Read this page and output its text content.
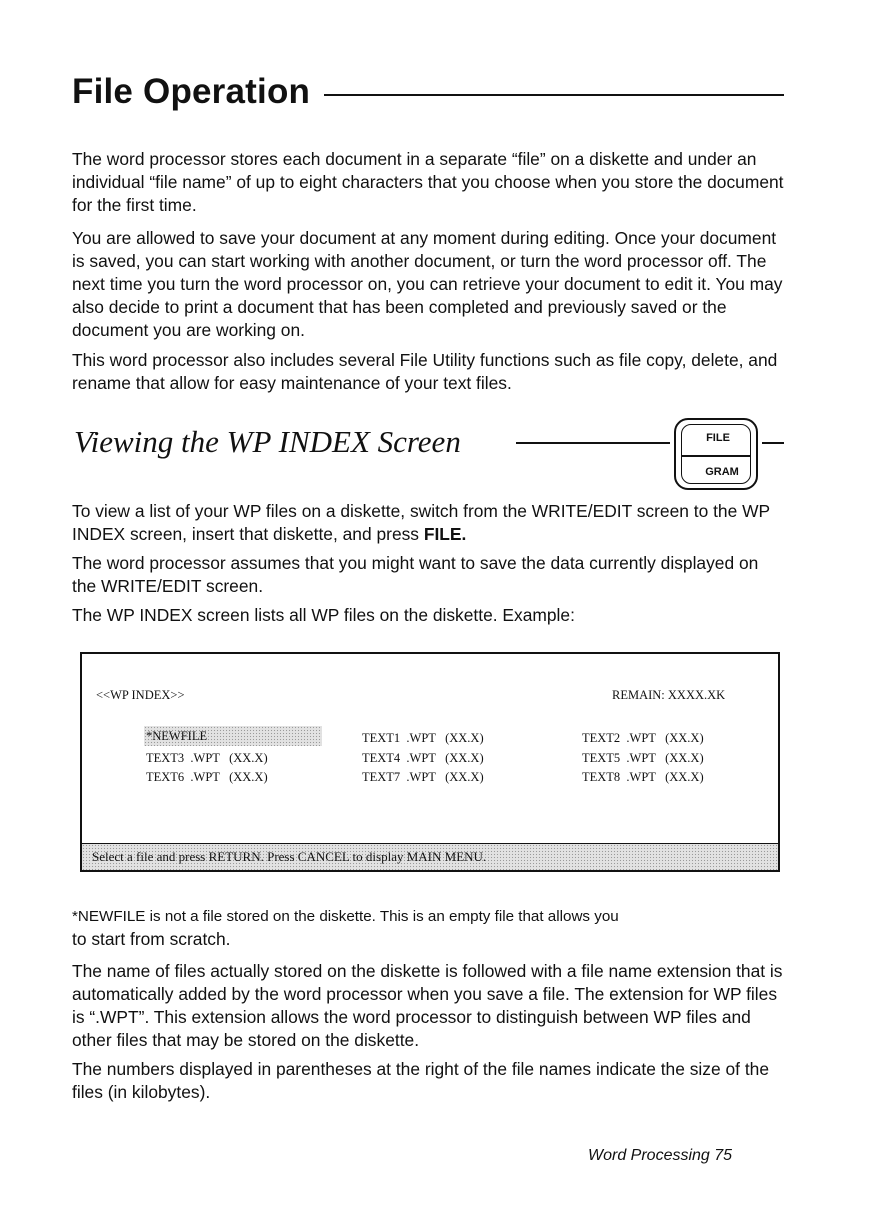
File Operation
The word processor stores each document in a separate “file” on a diskette and under an individual “file name” of up to eight characters that you choose when you store the document for the first time.
You are allowed to save your document at any moment during editing. Once your document is saved, you can start working with another document, or turn the word processor off. The next time you turn the word processor on, you can retrieve your document to edit it. You may also decide to print a document that has been completed and previously saved or the document you are working on.
This word processor also includes several File Utility functions such as file copy, delete, and rename that allow for easy maintenance of your text files.
Viewing the WP INDEX Screen	FILE
GRAM
To view a list of your WP files on a diskette, switch from the WRITE/EDIT screen to the WP INDEX screen, insert that diskette, and press FILE.
The word processor assumes that you might want to save the data currently displayed on the WRITE/EDIT screen.
The WP INDEX screen lists all WP files on the diskette. Example:
<<WP INDEX>>	REMAIN: XXXX.XK
*NEWFILE	TEXT1  .WPT   (XX.X)	TEXT2  .WPT   (XX.X)
TEXT3  .WPT   (XX.X)	TEXT4  .WPT   (XX.X)	TEXT5  .WPT   (XX.X)
TEXT6  .WPT   (XX.X)	TEXT7  .WPT   (XX.X)	TEXT8  .WPT   (XX.X)
Select a file and press RETURN. Press CANCEL to display MAIN MENU.
*NEWFILE is not a file stored on the diskette. This is an empty file that allows you
to start from scratch.
The name of files actually stored on the diskette is followed with a file name extension that is automatically added by the word processor when you save a file. The extension for WP files is “.WPT”. This extension allows the word processor to distinguish between WP files and other files that may be stored on the diskette.
The numbers displayed in parentheses at the right of the file names indicate the size of the files (in kilobytes).
Word Processing 75
